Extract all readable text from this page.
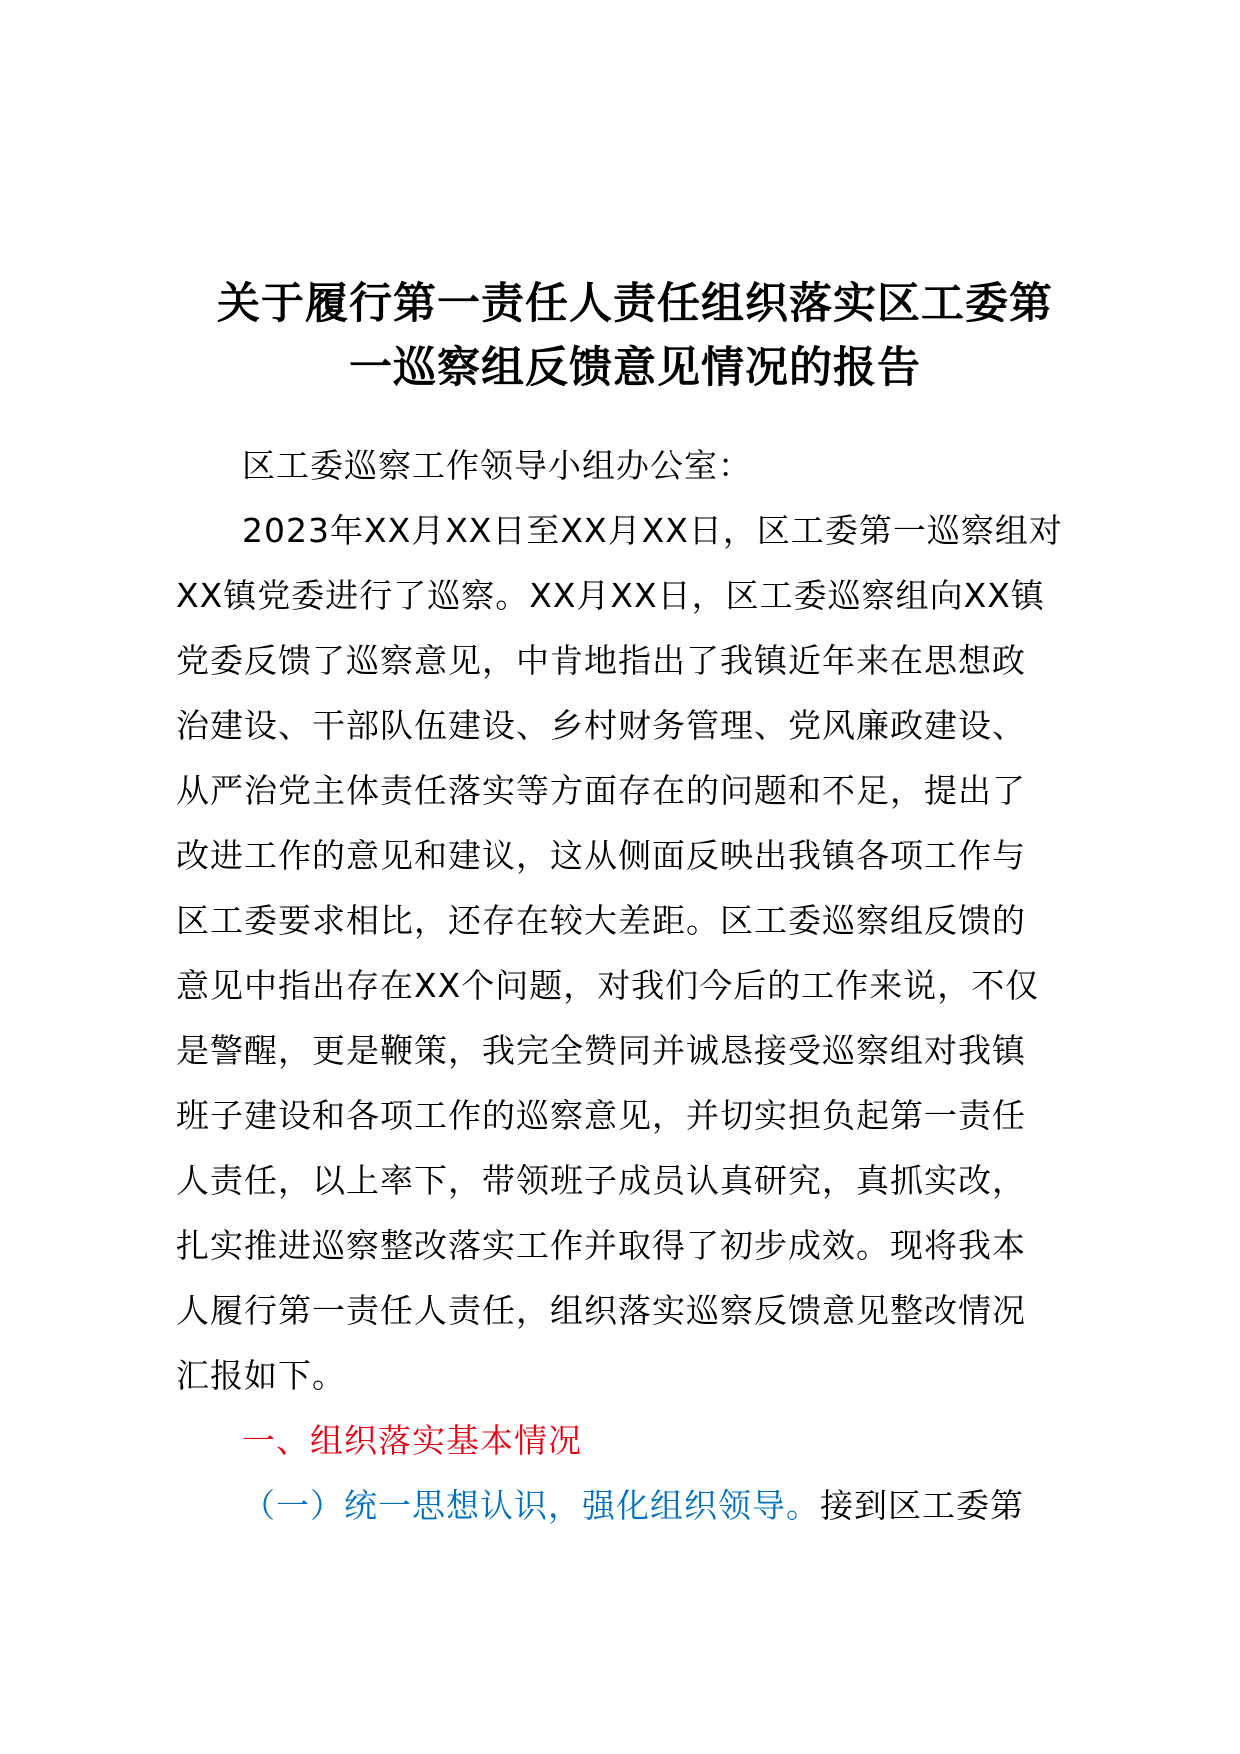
关于履行第一责任人责任组织落实区工委第
一巡察组反馈意见情况的报告
区工委巡察工作领导小组办公室：
2023年XX月XX日至XX月XX日，区工委第一巡察组对
XX镇党委进行了巡察。XX月XX日，区工委巡察组向XX镇
党委反馈了巡察意见，中肯地指出了我镇近年来在思想政
治建设、干部队伍建设、乡村财务管理、党风廉政建设、
从严治党主体责任落实等方面存在的问题和不足，提出了
改进工作的意见和建议，这从侧面反映出我镇各项工作与
区工委要求相比，还存在较大差距。区工委巡察组反馈的
意见中指出存在XX个问题，对我们今后的工作来说，不仅
是警醒，更是鞭策，我完全赞同并诚恳接受巡察组对我镇
班子建设和各项工作的巡察意见，并切实担负起第一责任
人责任，以上率下，带领班子成员认真研究，真抓实改，
扎实推进巡察整改落实工作并取得了初步成效。现将我本
人履行第一责任人责任，组织落实巡察反馈意见整改情况
汇报如下。
一、组织落实基本情况
（一）统一思想认识，强化组织领导。接到区工委第
